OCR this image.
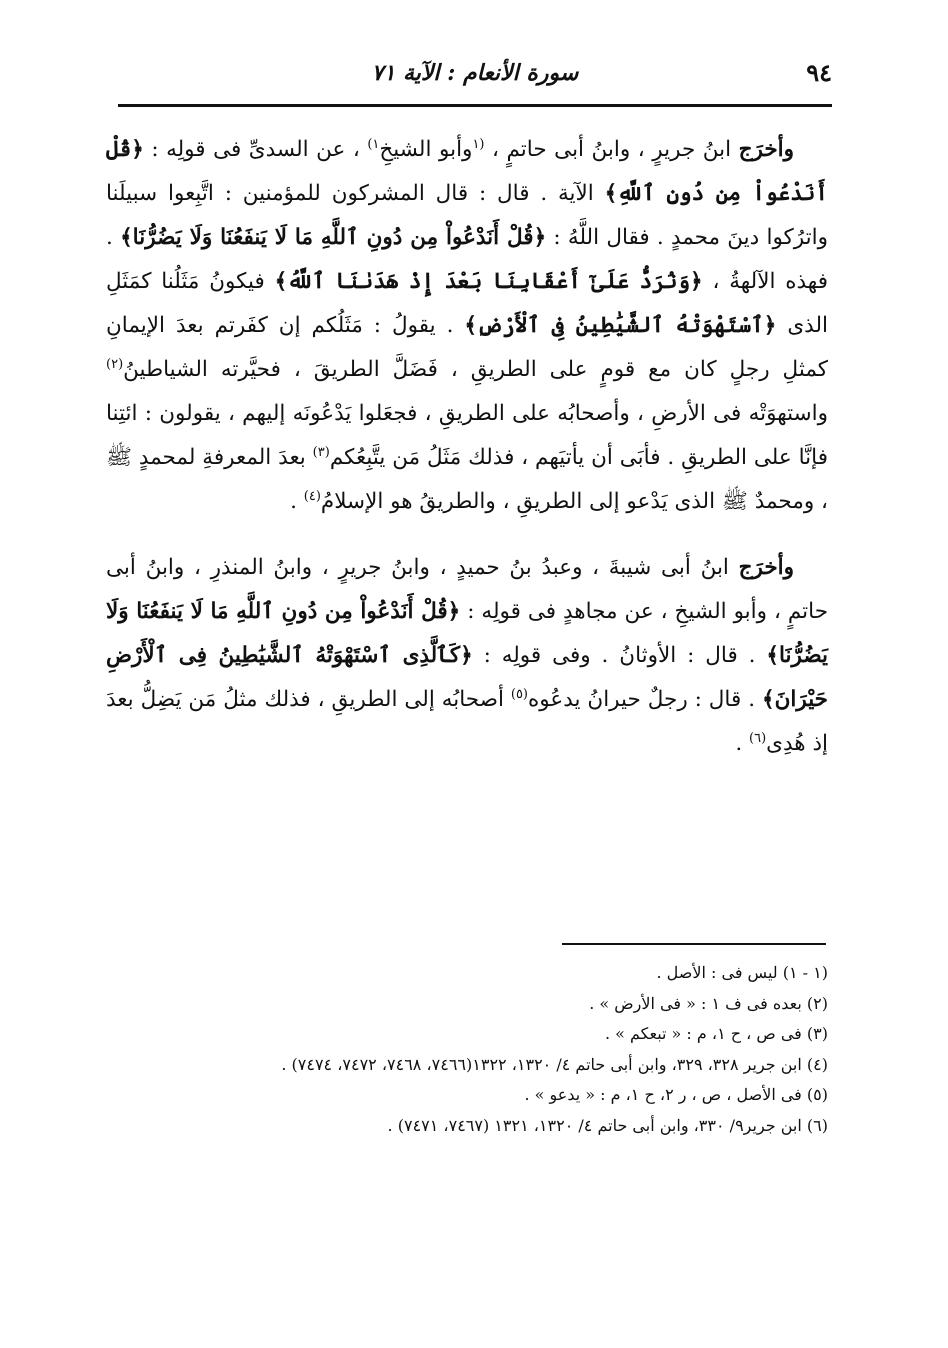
٩٤
سورة الأنعام : الآية ٧١

وأخرَج ابنُ جريرٍ ، وابنُ أبى حاتمٍ ، $^{(١}$وأبو الشيخِ$^{١)}$ ، عن السدىِّ فى قولِه : ﴿قُلْ أَنَدْعُواْ مِن دُونِ ٱللَّهِ﴾ الآية . قال : قال المشركون للمؤمنين : اتَّبِعوا سبيلَنا واترُكوا دينَ محمدٍ . فقال اللَّهُ : ﴿قُلْ أَنَدْعُواْ مِن دُونِ ٱللَّهِ مَا لَا يَنفَعُنَا وَلَا يَضُرُّنَا﴾ . فهذه الآلهةُ ، ﴿وَنُرَدُّ عَلَىٰٓ أَعْقَابِنَا بَعْدَ إِذْ هَدَىٰنَا ٱللَّهُ﴾ فيكونُ مَثَلُنا كمَثَلِ الذى ﴿ٱسْتَهْوَتْهُ ٱلشَّيَٰطِينُ فِى ٱلْأَرْضِ﴾ . يقولُ : مَثَلُكم إن كفَرتم بعدَ الإيمانِ كمثلِ رجلٍ كان مع قومٍ على الطريقِ ، فَضَلَّ الطريقَ ، فحيَّرته الشياطينُ$^{(٢)}$ واستهوَتْه فى الأرضِ ، وأصحابُه على الطريقِ ، فجعَلوا يَدْعُونَه إليهم ، يقولون : ائتِنا فإنَّا على الطريقِ . فأبَى أن يأتيَهم ، فذلك مَثَلُ مَن يتَّبِعُكم$^{(٣)}$ بعدَ المعرفةِ لمحمدٍ ﷺ ، ومحمدٌ ﷺ الذى يَدْعو إلى الطريقِ ، والطريقُ هو الإسلامُ$^{(٤)}$ .

وأخرَج ابنُ أبى شيبةَ ، وعبدُ بنُ حميدٍ ، وابنُ جريرٍ ، وابنُ المنذرِ ، وابنُ أبى حاتمٍ ، وأبو الشيخِ ، عن مجاهدٍ فى قولِه : ﴿قُلْ أَنَدْعُواْ مِن دُونِ ٱللَّهِ مَا لَا يَنفَعُنَا وَلَا يَضُرُّنَا﴾ . قال : الأوثانُ . وفى قولِه : ﴿كَٱلَّذِى ٱسْتَهْوَتْهُ ٱلشَّيَٰطِينُ فِى ٱلْأَرْضِ حَيْرَانَ﴾ . قال : رجلٌ حيرانُ يدعُوه$^{(٥)}$ أصحابُه إلى الطريقِ ، فذلك مثلُ مَن يَضِلُّ بعدَ إذ هُدِى$^{(٦)}$ .

(١ - ١) ليس فى : الأصل .

(٢) بعده فى ف ١ : « فى الأرض » .

(٣) فى ص ، ح ١، م : « تبعكم » .

(٤) ابن جرير ٣٢٨، ٣٢٩، وابن أبى حاتم ٤/ ١٣٢٠، ١٣٢٢(٧٤٦٦، ٧٤٦٨، ٧٤٧٢، ٧٤٧٤) .

(٥) فى الأصل ، ص ، ر ٢، ح ١، م : « يدعو » .

(٦) ابن جرير٩/ ٣٣٠، وابن أبى حاتم ٤/ ١٣٢٠، ١٣٢١ (٧٤٦٧، ٧٤٧١) .
